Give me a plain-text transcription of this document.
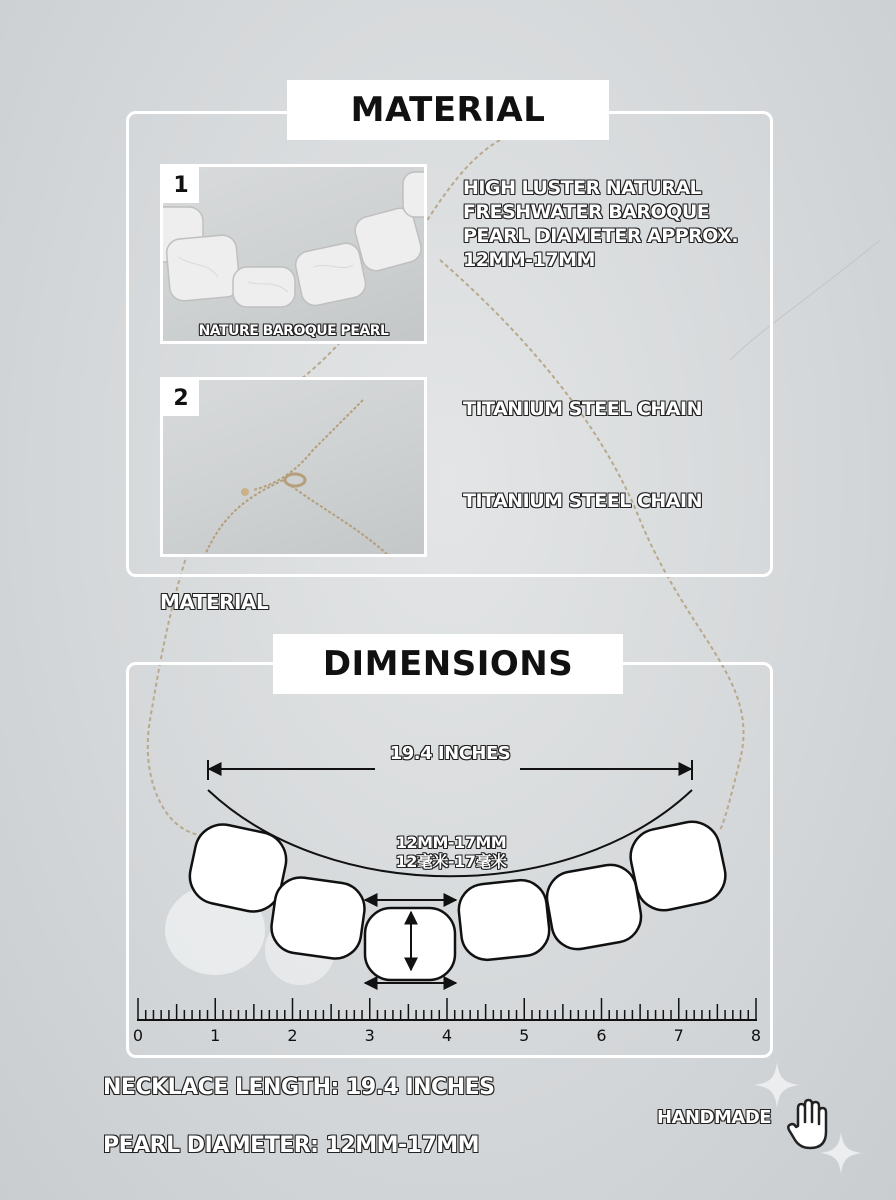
MATERIAL
1
NATURE BAROQUE PEARL
HIGH LUSTER NATURAL
FRESHWATER BAROQUE
PEARL DIAMETER APPROX.
12MM-17MM
2	TITANIUM STEEL CHAIN
TITANIUM STEEL CHAIN
MATERIAL
DIMENSIONS
0	1	2	3	4	5	6	7	8
19.4 INCHES
12MM-17MM
12毫米-17毫米
NECKLACE LENGTH: 19.4 INCHES
PEARL DIAMETER: 12MM-17MM
HANDMADE
